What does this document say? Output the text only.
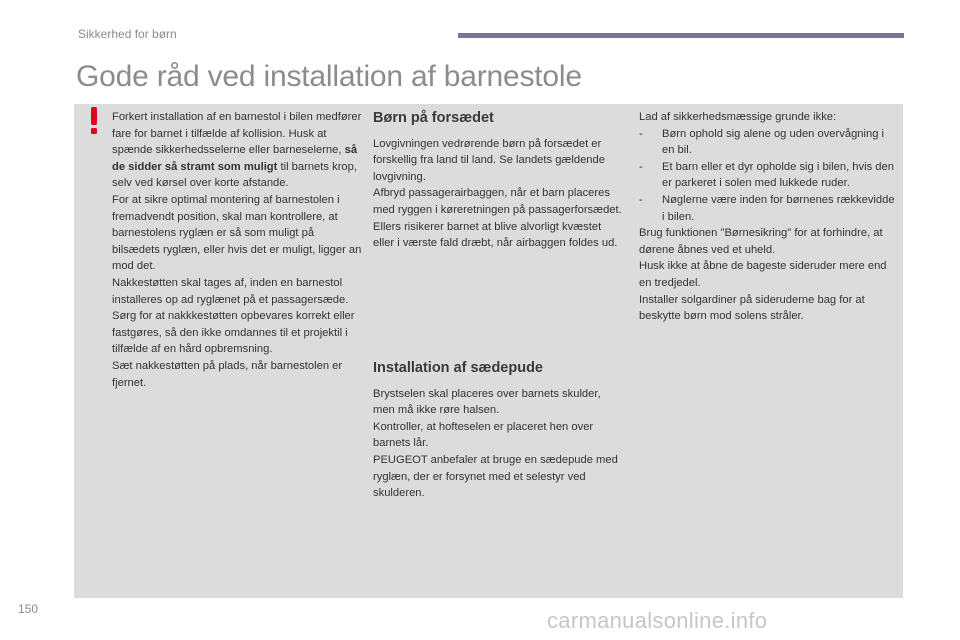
Sikkerhed for børn
Gode råd ved installation af barnestole

Forkert installation af en barnestol i bilen medfører fare for barnet i tilfælde af kollision. Husk at spænde sikkerhedsselerne eller barneselerne, så de sidder så stramt som muligt til barnets krop, selv ved kørsel over korte afstande.

For at sikre optimal montering af barnestolen i fremadvendt position, skal man kontrollere, at barnestolens ryglæn er så som muligt på bilsædets ryglæn, eller hvis det er muligt, ligger an mod det.

Nakkestøtten skal tages af, inden en barnestol installeres op ad ryglænet på et passagersæde.

Sørg for at nakkkestøtten opbevares korrekt eller fastgøres, så den ikke omdannes til et projektil i tilfælde af en hård opbremsning.

Sæt nakkestøtten på plads, når barnestolen er fjernet.

Børn på forsædet

Lovgivningen vedrørende børn på forsædet er forskellig fra land til land. Se landets gældende lovgivning.

Afbryd passagerairbaggen, når et barn placeres med ryggen i køreretningen på passagerforsædet. Ellers risikerer barnet at blive alvorligt kvæstet eller i værste fald dræbt, når airbaggen foldes ud.

Installation af sædepude

Brystselen skal placeres over barnets skulder, men må ikke røre halsen.

Kontroller, at hofteselen er placeret hen over barnets lår.

PEUGEOT anbefaler at bruge en sædepude med ryglæn, der er forsynet med et selestyr ved skulderen.

Lad af sikkerhedsmæssige grunde ikke:

-	Børn ophold sig alene og uden overvågning i en bil.
-	Et barn eller et dyr opholde sig i bilen, hvis den er parkeret i solen med lukkede ruder.
-	Nøglerne være inden for børnenes rækkevidde i bilen.

Brug funktionen "Børnesikring" for at forhindre, at dørene åbnes ved et uheld.

Husk ikke at åbne de bageste sideruder mere end en tredjedel.

Installer solgardiner på sideruderne bag for at beskytte børn mod solens stråler.

150	carmanualsonline.info
